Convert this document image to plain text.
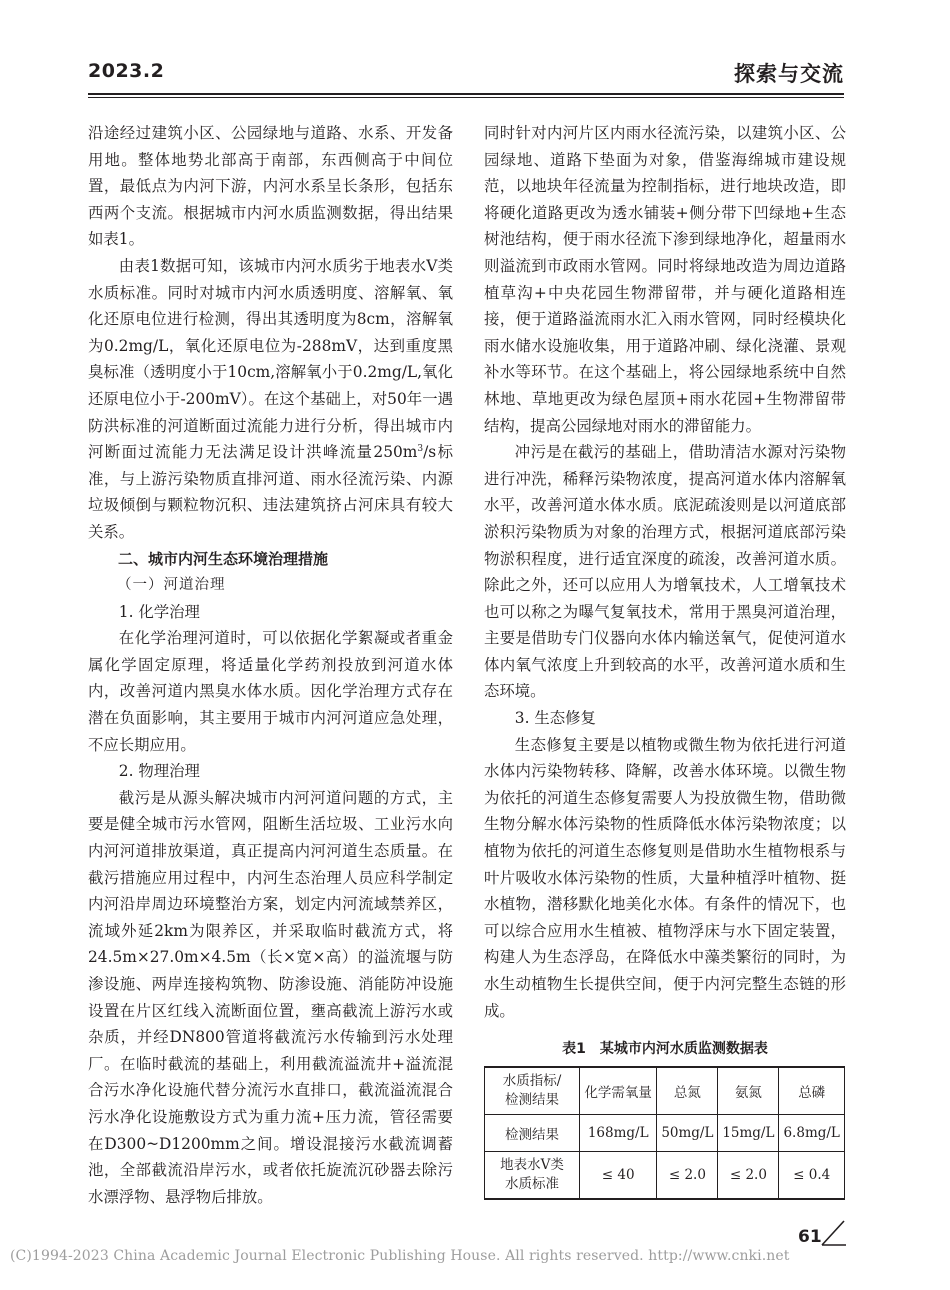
2023.2	探索与交流

沿途经过建筑小区、公园绿地与道路、水系、开发备用地。整体地势北部高于南部，东西侧高于中间位置，最低点为内河下游，内河水系呈长条形，包括东西两个支流。根据城市内河水质监测数据，得出结果如表1。

由表1数据可知，该城市内河水质劣于地表水V类水质标准。同时对城市内河水质透明度、溶解氧、氧化还原电位进行检测，得出其透明度为8cm，溶解氧为0.2mg/L，氧化还原电位为-288mV，达到重度黑臭标准（透明度小于10cm,溶解氧小于0.2mg/L,氧化还原电位小于-200mV）。在这个基础上，对50年一遇防洪标准的河道断面过流能力进行分析，得出城市内河断面过流能力无法满足设计洪峰流量$250m^3/s$标准，与上游污染物质直排河道、雨水径流污染、内源垃圾倾倒与颗粒物沉积、违法建筑挤占河床具有较大关系。

二、城市内河生态环境治理措施

（一）河道治理

1. 化学治理

在化学治理河道时，可以依据化学絮凝或者重金属化学固定原理，将适量化学药剂投放到河道水体内，改善河道内黑臭水体水质。因化学治理方式存在潜在负面影响，其主要用于城市内河河道应急处理，不应长期应用。

2. 物理治理

截污是从源头解决城市内河河道问题的方式，主要是健全城市污水管网，阻断生活垃圾、工业污水向内河河道排放渠道，真正提高内河河道生态质量。在截污措施应用过程中，内河生态治理人员应科学制定内河沿岸周边环境整治方案，划定内河流域禁养区，流域外延2km为限养区，并采取临时截流方式，将24.5m×27.0m×4.5m（长×宽×高）的溢流堰与防渗设施、两岸连接构筑物、防渗设施、消能防冲设施设置在片区红线入流断面位置，壅高截流上游污水或杂质，并经DN800管道将截流污水传输到污水处理厂。在临时截流的基础上，利用截流溢流井+溢流混合污水净化设施代替分流污水直排口，截流溢流混合污水净化设施敷设方式为重力流+压力流，管径需要在D300~D1200mm之间。增设混接污水截流调蓄池，全部截流沿岸污水，或者依托旋流沉砂器去除污水漂浮物、悬浮物后排放。

同时针对内河片区内雨水径流污染，以建筑小区、公园绿地、道路下垫面为对象，借鉴海绵城市建设规范，以地块年径流量为控制指标，进行地块改造，即将硬化道路更改为透水铺装+侧分带下凹绿地+生态树池结构，便于雨水径流下渗到绿地净化，超量雨水则溢流到市政雨水管网。同时将绿地改造为周边道路植草沟+中央花园生物滞留带，并与硬化道路相连接，便于道路溢流雨水汇入雨水管网，同时经模块化雨水储水设施收集，用于道路冲刷、绿化浇灌、景观补水等环节。在这个基础上，将公园绿地系统中自然林地、草地更改为绿色屋顶+雨水花园+生物滞留带结构，提高公园绿地对雨水的滞留能力。

冲污是在截污的基础上，借助清洁水源对污染物进行冲洗，稀释污染物浓度，提高河道水体内溶解氧水平，改善河道水体水质。底泥疏浚则是以河道底部淤积污染物质为对象的治理方式，根据河道底部污染物淤积程度，进行适宜深度的疏浚，改善河道水质。除此之外，还可以应用人为增氧技术，人工增氧技术也可以称之为曝气复氧技术，常用于黑臭河道治理，主要是借助专门仪器向水体内输送氧气，促使河道水体内氧气浓度上升到较高的水平，改善河道水质和生态环境。

3. 生态修复

生态修复主要是以植物或微生物为依托进行河道水体内污染物转移、降解，改善水体环境。以微生物为依托的河道生态修复需要人为投放微生物，借助微生物分解水体污染物的性质降低水体污染物浓度；以植物为依托的河道生态修复则是借助水生植物根系与叶片吸收水体污染物的性质，大量种植浮叶植物、挺水植物，潜移默化地美化水体。有条件的情况下，也可以综合应用水生植被、植物浮床与水下固定装置，构建人为生态浮岛，在降低水中藻类繁衍的同时，为水生动植物生长提供空间，便于内河完整生态链的形成。

表1　某城市内河水质监测数据表
水质指标/
检测结果	化学需氧量	总氮	氨氮	总磷
检测结果	168mg/L	50mg/L	15mg/L	6.8mg/L

地表水V类
水质标准	≤ 40	≤ 2.0	≤ 2.0	≤ 0.4
61
(C)1994-2023 China Academic Journal Electronic Publishing House. All rights reserved. http://www.cnki.net
